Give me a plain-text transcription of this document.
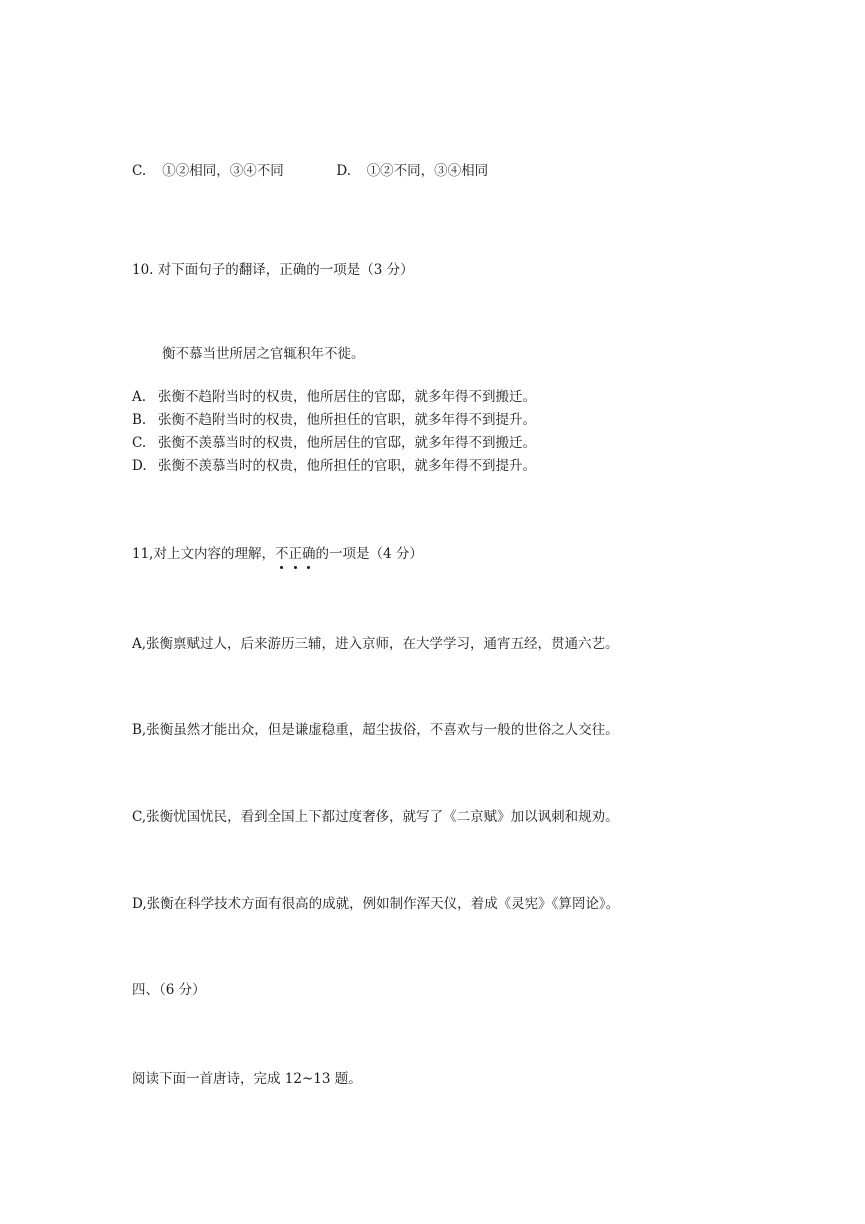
C. ①②相同，③④不同	D. ①②不同，③④相同
10. 对下面句子的翻译，正确的一项是（3 分）
衡不慕当世所居之官辄积年不徙。
A. 张衡不趋附当时的权贵，他所居住的官邸，就多年得不到搬迁。
B. 张衡不趋附当时的权贵，他所担任的官职，就多年得不到提升。
C. 张衡不羡慕当时的权贵，他所居住的官邸，就多年得不到搬迁。
D. 张衡不羡慕当时的权贵，他所担任的官职，就多年得不到提升。
11,对上文内容的理解，不
正
确
的一项是（4 分）
A,张衡禀赋过人，后来游历三辅，进入京师，在大学学习，通宵五经，贯通六艺。
B,张衡虽然才能出众，但是谦虚稳重，超尘拔俗，不喜欢与一般的世俗之人交往。
C,张衡忧国忧民，看到全国上下都过度奢侈，就写了《二京赋》加以讽刺和规劝。
D,张衡在科学技术方面有很高的成就，例如制作浑天仪，着成《灵宪》《算罔论》。
四、（6 分）
阅读下面一首唐诗，完成 12~13 题。
